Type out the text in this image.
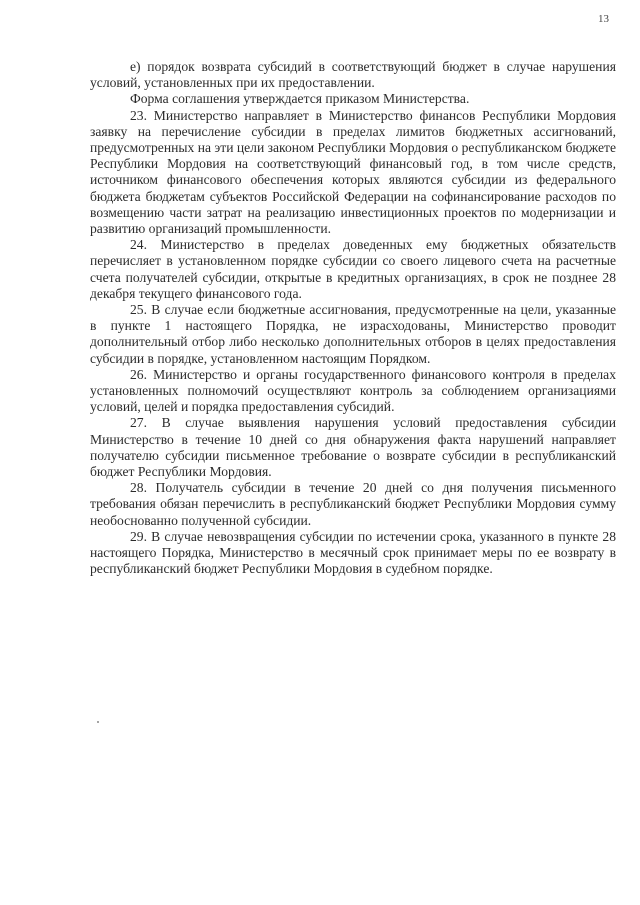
13

е) порядок возврата субсидий в соответствующий бюджет в случае нарушения условий, установленных при их предоставлении.

Форма соглашения утверждается приказом Министерства.

23. Министерство направляет в Министерство финансов Республики Мордовия заявку на перечисление субсидии в пределах лимитов бюджетных ассигнований, предусмотренных на эти цели законом Республики Мордовия о республиканском бюджете Республики Мордовия на соответствующий финансовый год, в том числе средств, источником финансового обеспечения которых являются субсидии из федерального бюджета бюджетам субъектов Российской Федерации на софинансирование расходов по возмещению части затрат на реализацию инвестиционных проектов по модернизации и развитию организаций промышленности.

24. Министерство в пределах доведенных ему бюджетных обязательств перечисляет в установленном порядке субсидии со своего лицевого счета на расчетные счета получателей субсидии, открытые в кредитных организациях, в срок не позднее 28 декабря текущего финансового года.

25. В случае если бюджетные ассигнования, предусмотренные на цели, указанные в пункте 1 настоящего Порядка, не израсходованы, Министерство проводит дополнительный отбор либо несколько дополнительных отборов в целях предоставления субсидии в порядке, установленном настоящим Порядком.

26. Министерство и органы государственного финансового контроля в пределах установленных полномочий осуществляют контроль за соблюдением организациями условий, целей и порядка предоставления субсидий.

27. В случае выявления нарушения условий предоставления субсидии Министерство в течение 10 дней со дня обнаружения факта нарушений направляет получателю субсидии письменное требование о возврате субсидии в республиканский бюджет Республики Мордовия.

28. Получатель субсидии в течение 20 дней со дня получения письменного требования обязан перечислить в республиканский бюджет Республики Мордовия сумму необоснованно полученной субсидии.

29. В случае невозвращения субсидии по истечении срока, указанного в пункте 28 настоящего Порядка, Министерство в месячный срок принимает меры по ее возврату в республиканский бюджет Республики Мордовия в судебном порядке.
